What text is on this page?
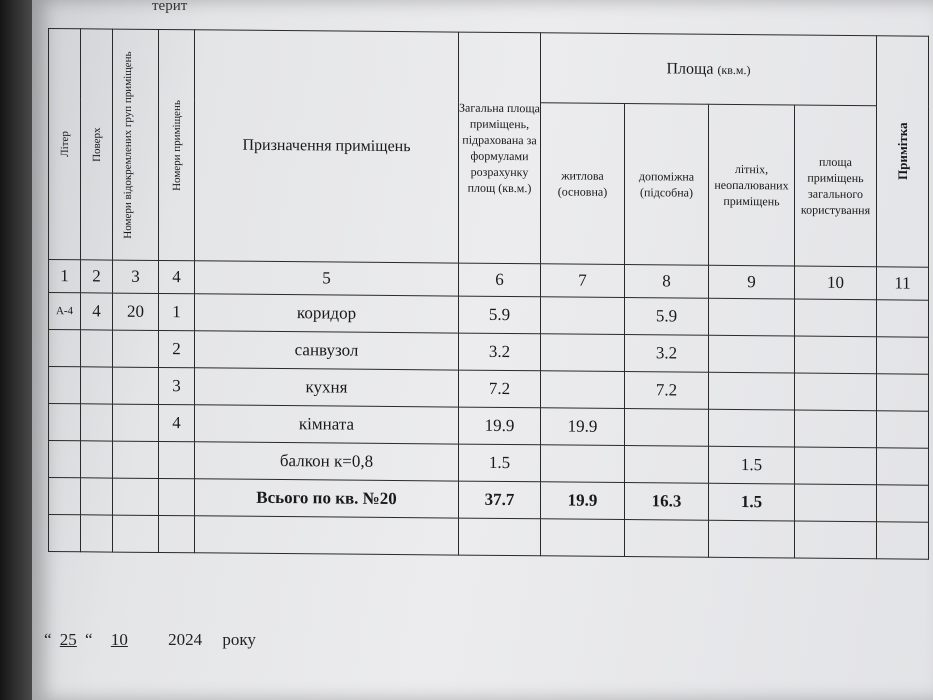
терит
Літер	Поверх	Номери відокремлених груп приміщень	Номери приміщень	Призначення приміщень	Загальна площа приміщень, підрахована за формулами розрахунку площ (кв.м.)	Площа (кв.м.)				Примітка

						житлова (основна)	допоміжна (підсобна)	літніх, неопалюваних приміщень	площа приміщень загального користування	
1	2	3	4	5	6	7	8	9	10	11
А-4	4	20	1	коридор	5.9		5.9			
			2	санвузол	3.2		3.2			
			3	кухня	7.2		7.2			
			4	кімната	19.9	19.9				
				балкон к=0,8	1.5			1.5		
				Всього по кв. №20	37.7	19.9	16.3	1.5		

“ 25 “ 10 2024 року
